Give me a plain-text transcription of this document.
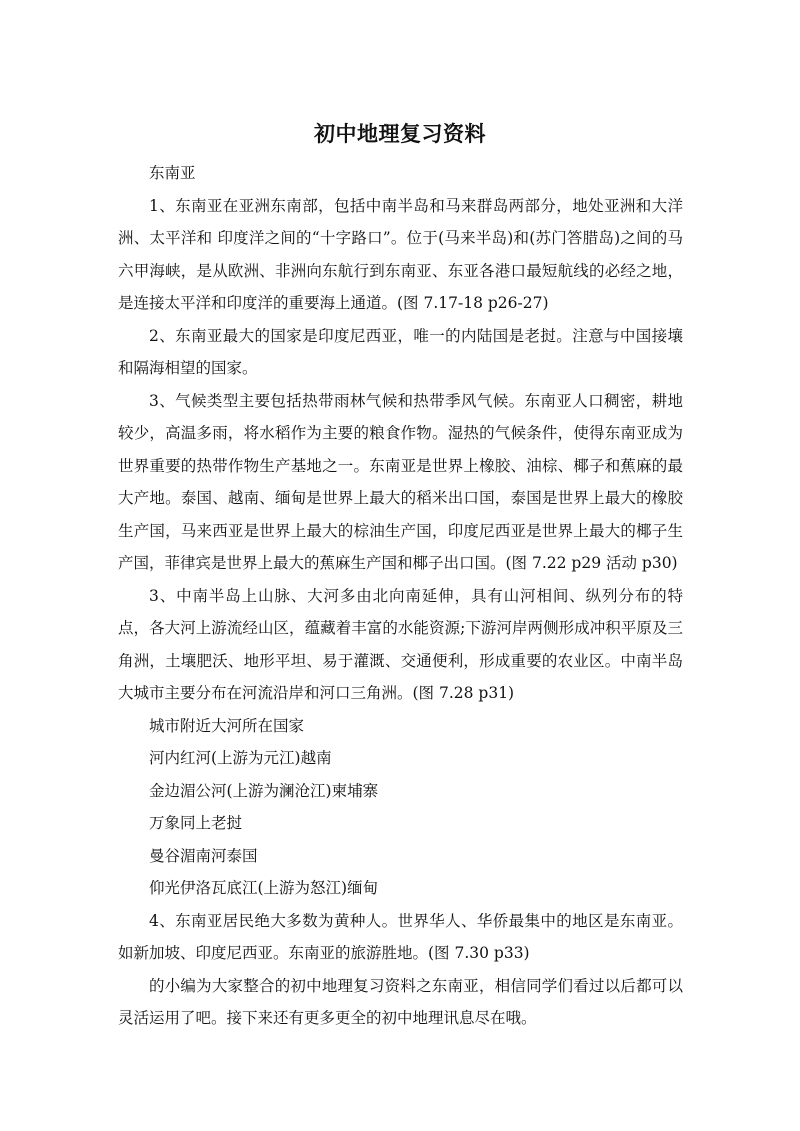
初中地理复习资料

东南亚

1、东南亚在亚洲东南部，包括中南半岛和马来群岛两部分，地处亚洲和大洋洲、太平洋和 印度洋之间的“十字路口”。位于(马来半岛)和(苏门答腊岛)之间的马六甲海峡，是从欧洲、非洲向东航行到东南亚、东亚各港口最短航线的必经之地，是连接太平洋和印度洋的重要海上通道。(图 7.17-18 p26-27)

2、东南亚最大的国家是印度尼西亚，唯一的内陆国是老挝。注意与中国接壤和隔海相望的国家。

3、气候类型主要包括热带雨林气候和热带季风气候。东南亚人口稠密，耕地较少，高温多雨，将水稻作为主要的粮食作物。湿热的气候条件，使得东南亚成为世界重要的热带作物生产基地之一。东南亚是世界上橡胶、油棕、椰子和蕉麻的最大产地。泰国、越南、缅甸是世界上最大的稻米出口国，泰国是世界上最大的橡胶生产国，马来西亚是世界上最大的棕油生产国，印度尼西亚是世界上最大的椰子生产国，菲律宾是世界上最大的蕉麻生产国和椰子出口国。(图 7.22 p29 活动 p30)

3、中南半岛上山脉、大河多由北向南延伸，具有山河相间、纵列分布的特点，各大河上游流经山区，蕴藏着丰富的水能资源;下游河岸两侧形成冲积平原及三角洲，土壤肥沃、地形平坦、易于灌溉、交通便利，形成重要的农业区。中南半岛大城市主要分布在河流沿岸和河口三角洲。(图 7.28 p31)

城市附近大河所在国家

河内红河(上游为元江)越南

金边湄公河(上游为澜沧江)柬埔寨

万象同上老挝

曼谷湄南河泰国

仰光伊洛瓦底江(上游为怒江)缅甸

4、东南亚居民绝大多数为黄种人。世界华人、华侨最集中的地区是东南亚。如新加坡、印度尼西亚。东南亚的旅游胜地。(图 7.30 p33)

的小编为大家整合的初中地理复习资料之东南亚，相信同学们看过以后都可以灵活运用了吧。接下来还有更多更全的初中地理讯息尽在哦。
